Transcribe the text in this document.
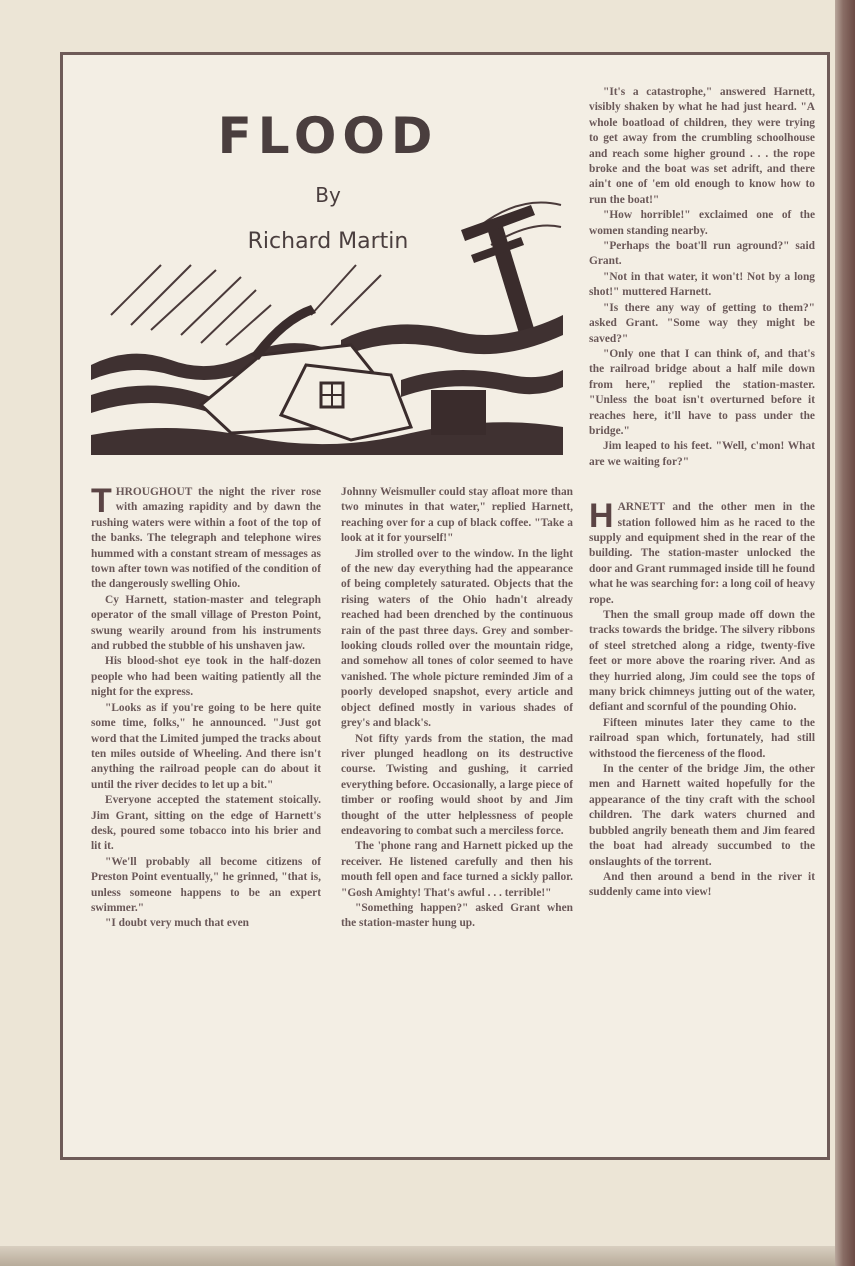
FLOOD
By
Richard Martin

THROUGHOUT the night the river rose with amazing rapidity and by dawn the rushing waters were within a foot of the top of the banks. The telegraph and telephone wires hummed with a constant stream of messages as town after town was notified of the condition of the dangerously swelling Ohio.

Cy Harnett, station-master and telegraph operator of the small village of Preston Point, swung wearily around from his instruments and rubbed the stubble of his unshaven jaw.

His blood-shot eye took in the half-dozen people who had been waiting patiently all the night for the express.

"Looks as if you're going to be here quite some time, folks," he announced. "Just got word that the Limited jumped the tracks about ten miles outside of Wheeling. And there isn't anything the railroad people can do about it until the river decides to let up a bit."

Everyone accepted the statement stoically. Jim Grant, sitting on the edge of Harnett's desk, poured some tobacco into his brier and lit it.

"We'll probably all become citizens of Preston Point eventually," he grinned, "that is, unless someone happens to be an expert swimmer."

"I doubt very much that even

Johnny Weismuller could stay afloat more than two minutes in that water," replied Harnett, reaching over for a cup of black coffee. "Take a look at it for yourself!"

Jim strolled over to the window. In the light of the new day everything had the appearance of being completely saturated. Objects that the rising waters of the Ohio hadn't already reached had been drenched by the continuous rain of the past three days. Grey and somber-looking clouds rolled over the mountain ridge, and somehow all tones of color seemed to have vanished. The whole picture reminded Jim of a poorly developed snapshot, every article and object defined mostly in various shades of grey's and black's.

Not fifty yards from the station, the mad river plunged headlong on its destructive course. Twisting and gushing, it carried everything before. Occasionally, a large piece of timber or roofing would shoot by and Jim thought of the utter helplessness of people endeavoring to combat such a merciless force.

The 'phone rang and Harnett picked up the receiver. He listened carefully and then his mouth fell open and face turned a sickly pallor. "Gosh Amighty! That's awful . . . terrible!"

"Something happen?" asked Grant when the station-master hung up.

"It's a catastrophe," answered Harnett, visibly shaken by what he had just heard. "A whole boatload of children, they were trying to get away from the crumbling schoolhouse and reach some higher ground . . . the rope broke and the boat was set adrift, and there ain't one of 'em old enough to know how to run the boat!"

"How horrible!" exclaimed one of the women standing nearby.

"Perhaps the boat'll run aground?" said Grant.

"Not in that water, it won't! Not by a long shot!" muttered Harnett.

"Is there any way of getting to them?" asked Grant. "Some way they might be saved?"

"Only one that I can think of, and that's the railroad bridge about a half mile down from here," replied the station-master. "Unless the boat isn't overturned before it reaches here, it'll have to pass under the bridge."

Jim leaped to his feet. "Well, c'mon! What are we waiting for?"

HARNETT and the other men in the station followed him as he raced to the supply and equipment shed in the rear of the building. The station-master unlocked the door and Grant rummaged inside till he found what he was searching for: a long coil of heavy rope.

Then the small group made off down the tracks towards the bridge. The silvery ribbons of steel stretched along a ridge, twenty-five feet or more above the roaring river. And as they hurried along, Jim could see the tops of many brick chimneys jutting out of the water, defiant and scornful of the pounding Ohio.

Fifteen minutes later they came to the railroad span which, fortunately, had still withstood the fierceness of the flood.

In the center of the bridge Jim, the other men and Harnett waited hopefully for the appearance of the tiny craft with the school children. The dark waters churned and bubbled angrily beneath them and Jim feared the boat had already succumbed to the onslaughts of the torrent.

And then around a bend in the river it suddenly came into view!
